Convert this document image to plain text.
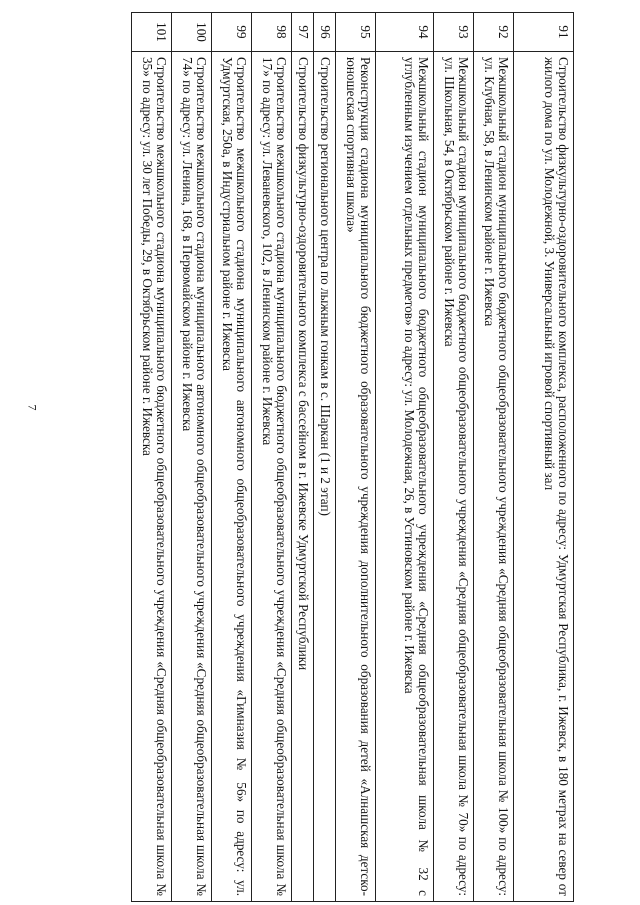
7
91	Строительство физкультурно-оздоровительного комплекса, расположенного по адресу: Удмуртская Республика, г. Ижевск, в 180 метрах на север от жилого дома по ул. Молодежной, 3. Универсальный игровой спортивный зал
92	Межшкольный стадион муниципального бюджетного общеобразовательного учреждения «Средняя общеобразовательная школа № 100» по адресу: ул. Клубная, 58, в Ленинском районе г. Ижевска
93	Межшкольный стадион муниципального бюджетного общеобразовательного учреждения «Средняя общеобразовательная школа № 70» по адресу: ул. Школьная, 54, в Октябрьском районе г. Ижевска
94	Межшкольный стадион муниципального бюджетного общеобразовательного учреждения «Средняя общеобразовательная школа № 32 с углубленным изучением отдельных предметов» по адресу: ул. Молодежная, 26, в Устиновском районе г. Ижевска
95	Реконструкция стадиона муниципального бюджетного образовательного учреждения дополнительного образования детей «Алнашская детско-юношеская спортивная школа»
96	Строительство регионального центра по лыжным гонкам в с. Шаркан (1 и 2 этап)
97	Строительство физкультурно-оздоровительного комплекса с бассейном в г. Ижевске Удмуртской Республики
98	Строительство межшкольного стадиона муниципального бюджетного общеобразовательного учреждения «Средняя общеобразовательная школа № 17» по адресу: ул. Леваневского, 102, в Ленинском районе г. Ижевска
99	Строительство межшкольного стадиона муниципального автономного общеобразовательного учреждения «Гимназия № 56» по адресу: ул. Удмуртская, 250а, в Индустриальном районе г. Ижевска
100	Строительство межшкольного стадиона муниципального автономного общеобразовательного учреждения «Средняя общеобразовательная школа № 74» по адресу: ул. Ленина, 168, в Первомайском районе г. Ижевска
101	Строительство межшкольного стадиона муниципального бюджетного общеобразовательного учреждения «Средняя общеобразовательная школа № 35» по адресу: ул. 30 лет Победы, 29, в Октябрьском районе г. Ижевска
